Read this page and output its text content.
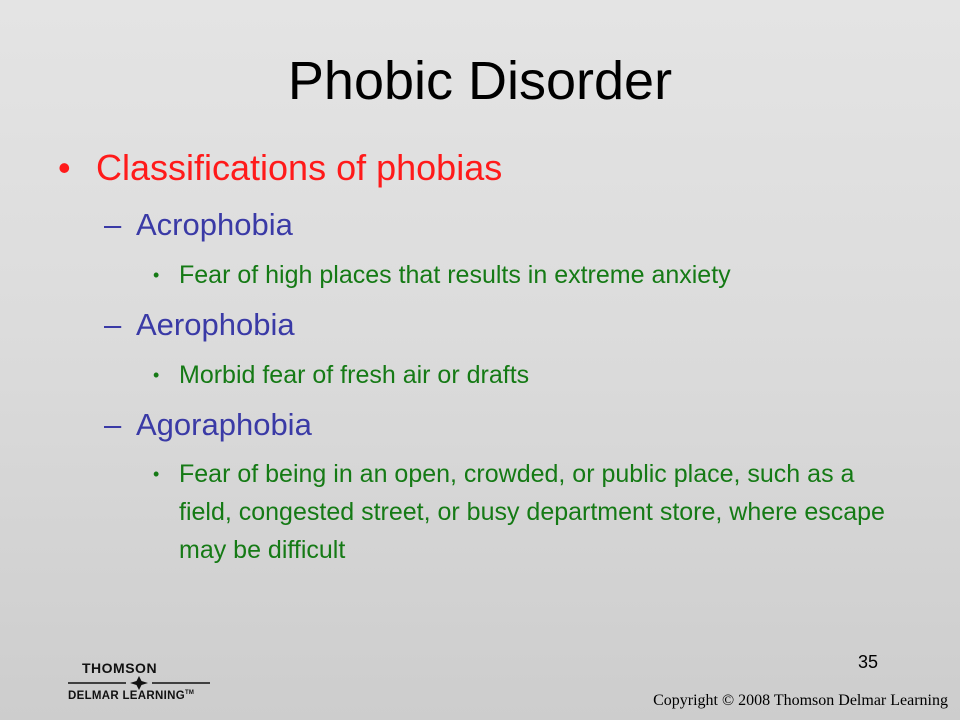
Phobic Disorder
• Classifications of phobias
– Acrophobia
• Fear of high places that results in extreme anxiety
– Aerophobia
• Morbid fear of fresh air or drafts
– Agoraphobia
• Fear of being in an open, crowded, or public place, such as a field, congested street, or busy department store, where escape may be difficult
35
THOMSON
DELMAR LEARNING™	Copyright © 2008 Thomson Delmar Learning
